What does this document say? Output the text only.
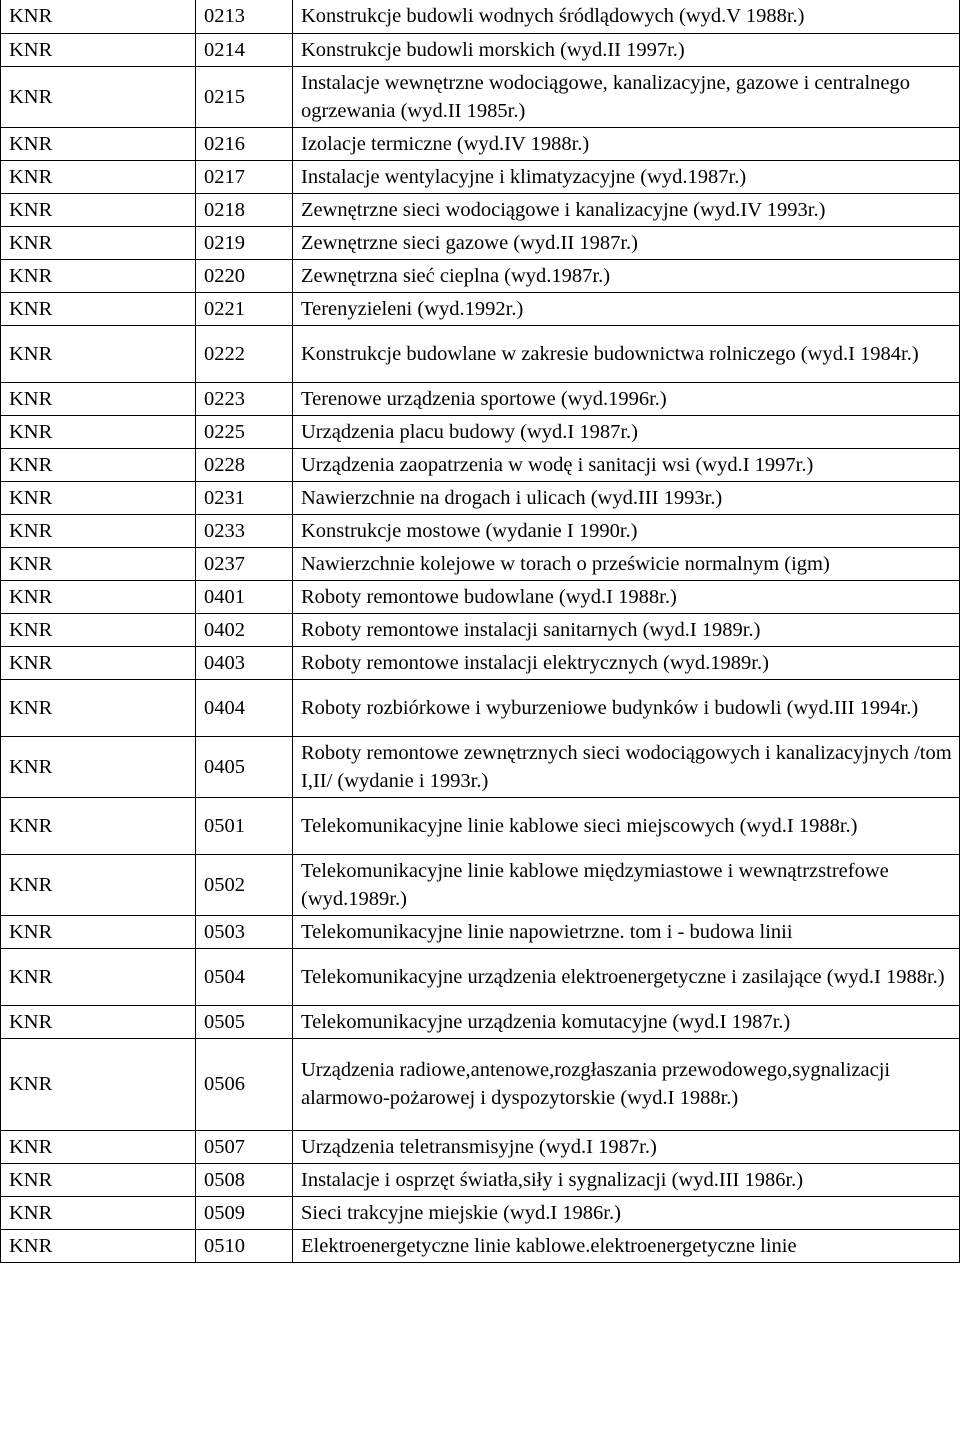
KNR	0213	Konstrukcje budowli wodnych śródlądowych (wyd.V 1988r.)
KNR	0214	Konstrukcje budowli morskich (wyd.II 1997r.)
KNR	0215	Instalacje wewnętrzne wodociągowe, kanalizacyjne, gazowe i centralnego ogrzewania (wyd.II 1985r.)
KNR	0216	Izolacje termiczne (wyd.IV 1988r.)
KNR	0217	Instalacje wentylacyjne i klimatyzacyjne (wyd.1987r.)
KNR	0218	Zewnętrzne sieci wodociągowe i kanalizacyjne (wyd.IV 1993r.)
KNR	0219	Zewnętrzne sieci gazowe (wyd.II 1987r.)
KNR	0220	Zewnętrzna sieć cieplna (wyd.1987r.)
KNR	0221	Terenyzieleni (wyd.1992r.)
KNR	0222	Konstrukcje budowlane w zakresie budownictwa rolniczego (wyd.I 1984r.)
KNR	0223	Terenowe urządzenia sportowe (wyd.1996r.)
KNR	0225	Urządzenia placu budowy (wyd.I 1987r.)
KNR	0228	Urządzenia zaopatrzenia w wodę i sanitacji wsi (wyd.I 1997r.)
KNR	0231	Nawierzchnie na drogach i ulicach (wyd.III 1993r.)
KNR	0233	Konstrukcje mostowe (wydanie I 1990r.)
KNR	0237	Nawierzchnie kolejowe w torach o prześwicie normalnym (igm)
KNR	0401	Roboty remontowe budowlane (wyd.I 1988r.)
KNR	0402	Roboty remontowe instalacji sanitarnych (wyd.I 1989r.)
KNR	0403	Roboty remontowe instalacji elektrycznych (wyd.1989r.)
KNR	0404	Roboty rozbiórkowe i wyburzeniowe budynków i budowli (wyd.III 1994r.)
KNR	0405	Roboty remontowe zewnętrznych sieci wodociągowych i kanalizacyjnych /tom I,II/ (wydanie i 1993r.)
KNR	0501	Telekomunikacyjne linie kablowe sieci miejscowych (wyd.I 1988r.)
KNR	0502	Telekomunikacyjne linie kablowe międzymiastowe i wewnątrzstrefowe (wyd.1989r.)
KNR	0503	Telekomunikacyjne linie napowietrzne. tom i - budowa linii
KNR	0504	Telekomunikacyjne urządzenia elektroenergetyczne i zasilające (wyd.I 1988r.)
KNR	0505	Telekomunikacyjne urządzenia komutacyjne (wyd.I 1987r.)
KNR	0506	Urządzenia radiowe,antenowe,rozgłaszania przewodowego,sygnalizacji alarmowo-pożarowej i dyspozytorskie (wyd.I 1988r.)
KNR	0507	Urządzenia teletransmisyjne (wyd.I 1987r.)
KNR	0508	Instalacje i osprzęt światła,siły i sygnalizacji (wyd.III 1986r.)
KNR	0509	Sieci trakcyjne miejskie (wyd.I 1986r.)
KNR	0510	Elektroenergetyczne linie kablowe.elektroenergetyczne linie
